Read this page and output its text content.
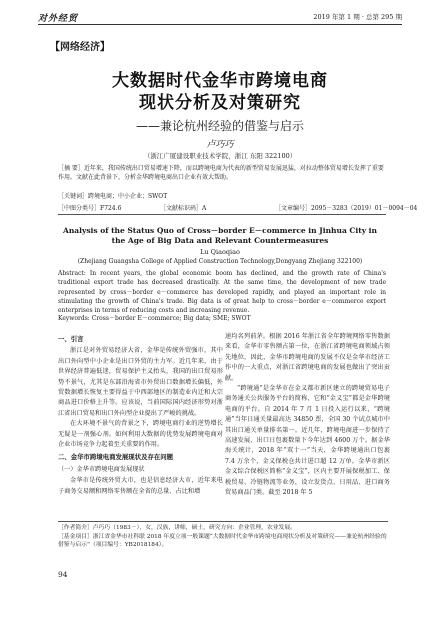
对外经贸	2019 年第 1 期 · 总第 295 期
【网络经济】
大数据时代金华市跨境电商
现状分析及对策研究
——兼论杭州经验的借鉴与启示
卢巧巧
（浙江广厦建设职业技术学院，浙江 东阳 322100）
［摘 要］近年来，我国传统出口贸易增速下降，而以跨境电商为代表的新型贸易发展迅猛，对拉动整体贸易增长发挥了重要作用。文献在此背景下，分析金华跨境电商出口企业有效大帮助。
［关键词］跨境电商；中小企业；SWOT
［中图分类号］F724.6	［文献标识码］A	［文章编号］2095－3283（2019）01－0094－04
Analysis of the Status Quo of Cross－border E－commerce in Jinhua City in
the Age of Big Data and Relevant Countermeasures
Lu Qiaoqiao
(Zhejiang Guangsha College of Applied Construction Technology,Dongyang Zhejiang 322100)
Abstract: In recent years, the global economic boom has declined, and the growth rate of China's traditional export trade has decreased drastically. At the same time, the development of new trade represented by cross－border e－commerce has developed rapidly, and played an important role in stimulating the growth of China's trade. Big data is of great help to cross－border e－commerce export enterprises in terms of reducing costs and increasing revenue.
Keywords: Cross－border E－commerce; Big data; SME; SWOT
一、引言

浙江是对外贸易经济大省，金华是传统外贸强市，其中出口外向型中小企业是出口外贸的主力军。近几年来，由于世界经济普遍低迷，贸易保护主义抬头，我国的出口贸易形势不景气，尤其是东部沿海省市外贸出口数据增长偏低，外贸数据增长恢复主要得益于中西部地区的制造业内迁和大宗商品进口价格上升等。应该说，当前国际国内经济形势对浙江省出口贸易和出口外向型企业提出了严峻的挑战。

在大环境不景气的背景之下，跨境电商行业的逆势增长无疑是一剂强心剂。如何利用大数据的优势发展跨境电商对企业市场竞争力起着至关重要的作用。

二、金华市跨境电商发展现状及存在问题
（一）金华市跨境电商发展现状

金华市是传统外贸大市，也是信息经济大市，近年来电子商务交易额和网络零售额在全省的总量、占比和增

速均名列前茅。根据 2016 年浙江省全年跨境网络零售数据来看，金华市零售额占第一位，在浙江省跨境电商领域占领先地位，因此，金华市跨境电商的发展不仅是金华市经济工作中的一大重点，对浙江省跨境电商的发展也做出了突出贡献。

“跨境通”是金华市在金义都市新区建立的跨境贸易电子商务通关公共服务平台的简称，它和“金义宝”都是金华跨境电商的平台。自 2014 年 7 月 1 日投入运行以来，“跨境通”当年日通关量最高达 34850 票，全国 30 个试点城市中其出口通关单量排名第一。近几年，跨境电商进一步保持了高速发展，出口日包裹数量下今年达到 4600 万个。据金华海关统计，2018 年“双十一”当天，金华跨境通出口包裹 7.4 万余个，金义保税仓共计进口超 12 万单。金华市新区金义综合保税区简称“金义宝”，区内主要开展保税加工、保税贸易、冷链物流等业务，设立发货点、日用品、进口商务贸易商品门类。截至 2018 年 5

［作者简介］卢巧巧（1983－），女，汉族，讲师，硕士，研究方向：企业管理，农业发展。
［基金项目］浙江省金华市社科联 2018 年度立项一般课题“大数据时代金华市跨境电商现状分析及对策研究——兼论杭州经验的借鉴与启示”（项目编号：YB2018184）。
94
